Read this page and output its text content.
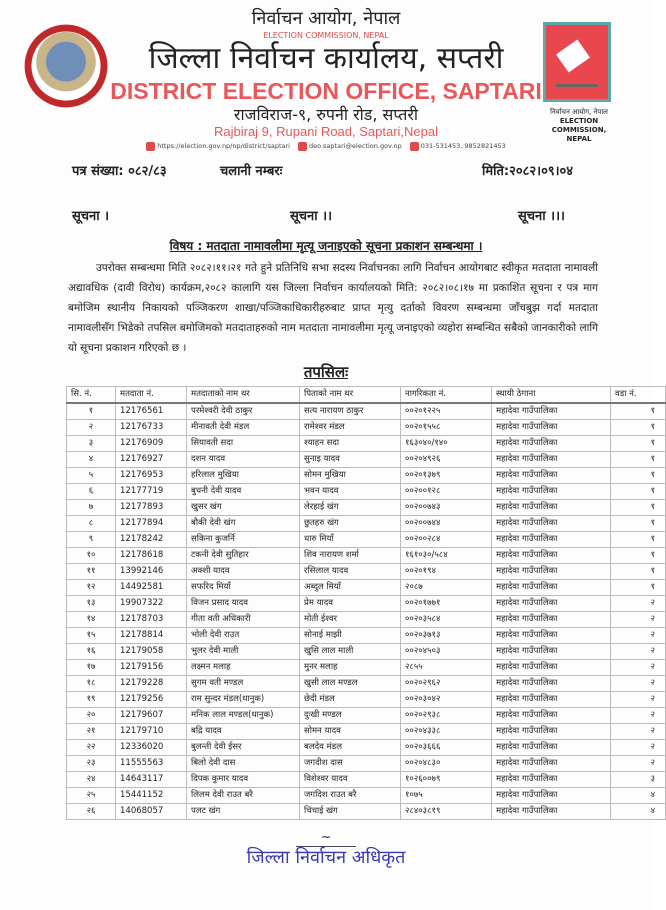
निर्वाचन आयोग, नेपाल
ELECTION COMMISSION, NEPAL
निर्वाचन आयोग, नेपाल
ELECTION COMMISSION, NEPAL
जिल्ला निर्वाचन कार्यालय, सप्तरी
DISTRICT ELECTION OFFICE, SAPTARI
राजविराज-९, रुपनी रोड, सप्तरी
Rajbiraj 9, Rupani Road, Saptari,Nepal
https://election.gov.np/np/district/saptari	deo.saptari@election.gov.np	031-531453, 9852821453
पत्र संख्या: ०८२/८३	चलानी नम्बरः	मिति:२०८२।०९।०४
सूचना ।	सूचना ।।	सूचना ।।।
विषय : मतदाता नामावलीमा मृत्यू जनाइएको सूचना प्रकाशन सम्बन्धमा ।
उपरोक्त सम्बन्धमा मिति २०८२।११।२१ गते हुने प्रतिनिधि सभा सदस्य निर्वाचनका लागि निर्वाचन आयोगबाट स्वीकृत मतदाता नामावली अद्यावधिक (दावी विरोध) कार्यक्रम,२०८२ कालागि यस जिल्ला निर्वाचन कार्यालयको मिति: २०८२।०८।१७ मा प्रकाशित सूचना र पत्र माग बमोजिम स्थानीय निकायको पञ्जिकरण शाखा/पञ्जिकाधिकारीहरुबाट प्राप्त मृत्यु दर्ताको विवरण सम्बन्धमा जाँचबुझ गर्दा मतदाता नामावलीसँग भिडेको तपसिल बमोजिमको मतदाताहरुको नाम मतदाता नामावलीमा मृत्यू जनाइएको व्यहोरा सम्बन्धित सबैको जानकारीको लागि यो सूचना प्रकाशन गरिएको छ ।
तपसिलः
सि. नं.	मतदाता नं.	मतदाताको नाम थर	पिताको नाम थर	नागरिकता नं.	स्थायी ठेगाना	वडा नं.
१	12176561	परमेश्वरी देवी ठाकुर	सत्य नारायण ठाकुर	००२०१२२५	महादेवा गाउँपालिका	१
२	12176733	मीनावती देवी मंडल	रामेश्वर मंडल	००२०१५५८	महादेवा गाउँपालिका	१
३	12176909	सियावती सदा	श्याहन सदा	१६३०४०/१४०	महादेवा गाउँपालिका	१
४	12176927	दशन यादव	सुनाइ यादव	००२०४९२६	महादेवा गाउँपालिका	१
५	12176953	हरिलाल मुखिया	सोमन मुखिया	००२०१३७९	महादेवा गाउँपालिका	१
६	12177719	बुधनी देवी यादव	भवन यादव	००२००१२८	महादेवा गाउँपालिका	१
७	12177893	खुसर खंग	लेरहाई खंग	००२००७४३	महादेवा गाउँपालिका	१
८	12177894	बौकी देवी खंग	छुतहरु खंग	००२००७४४	महादेवा गाउँपालिका	१
९	12178242	सकिना कुजर्नि	धारु मियाँ	००२००२८४	महादेवा गाउँपालिका	१
१०	12178618	टकनी देवी सुतिहार	शिव नारायण शर्मा	१६१०३०/५८४	महादेवा गाउँपालिका	१
११	13992146	अक्शी यादव	रसिलाल यादव	००२०१९४	महादेवा गाउँपालिका	१
१२	14492581	सफरिद मियाँ	अब्दुल मियाँ	२०८७	महादेवा गाउँपालिका	१
१३	19907322	विजन प्रसाद यादव	प्रेम यादव	००२०१७७१	महादेवा गाउँपालिका	२
१४	12178703	गीता वती अधिकारी	मोती ईश्वर	००२०३५८४	महादेवा गाउँपालिका	२
१५	12178814	भोली देवी राउत	सोनाई माझी	००२०३७१३	महादेवा गाउँपालिका	२
१६	12179058	भुलर देवी माली	खुसि लाल माली	००२०४५०३	महादेवा गाउँपालिका	२
१७	12179156	लक्ष्मन मलाह	मुनर मलाह	२८५५	महादेवा गाउँपालिका	२
१८	12179228	सुगम वती मण्डल	खुसी लाल मण्डल	००२०२९६२	महादेवा गाउँपालिका	२
१९	12179256	राम सुन्दर मंडल(धानुक)	छेदी मंडल	००२०३०४२	महादेवा गाउँपालिका	२
२०	12179607	मनिक लाल मण्डल(धानुक)	दुःखी मण्डल	००२०२९३८	महादेवा गाउँपालिका	२
२१	12179710	बद्रि यादव	सोमन यादव	००२०४३३८	महादेवा गाउँपालिका	२
२२	12336020	बुलन्ती देवी ईसर	बलदेव मंडल	००२०३६६६	महादेवा गाउँपालिका	२
२३	11555563	बिलो देवी दास	जगदीश दास	००२०४८३०	महादेवा गाउँपालिका	२
२४	14643117	दिपक कुमार यादव	विशेश्वर यादव	१०२६००७९	महादेवा गाउँपालिका	३
२५	15441152	लिलम देवी राउत बरै	जगदिश राउत बरै	१०७५	महादेवा गाउँपालिका	४
२६	14068057	पलट खंग	चिचाई खंग	२८४०३८१९	महादेवा गाउँपालिका	४
~
जिल्ला निर्वाचन अधिकृत
